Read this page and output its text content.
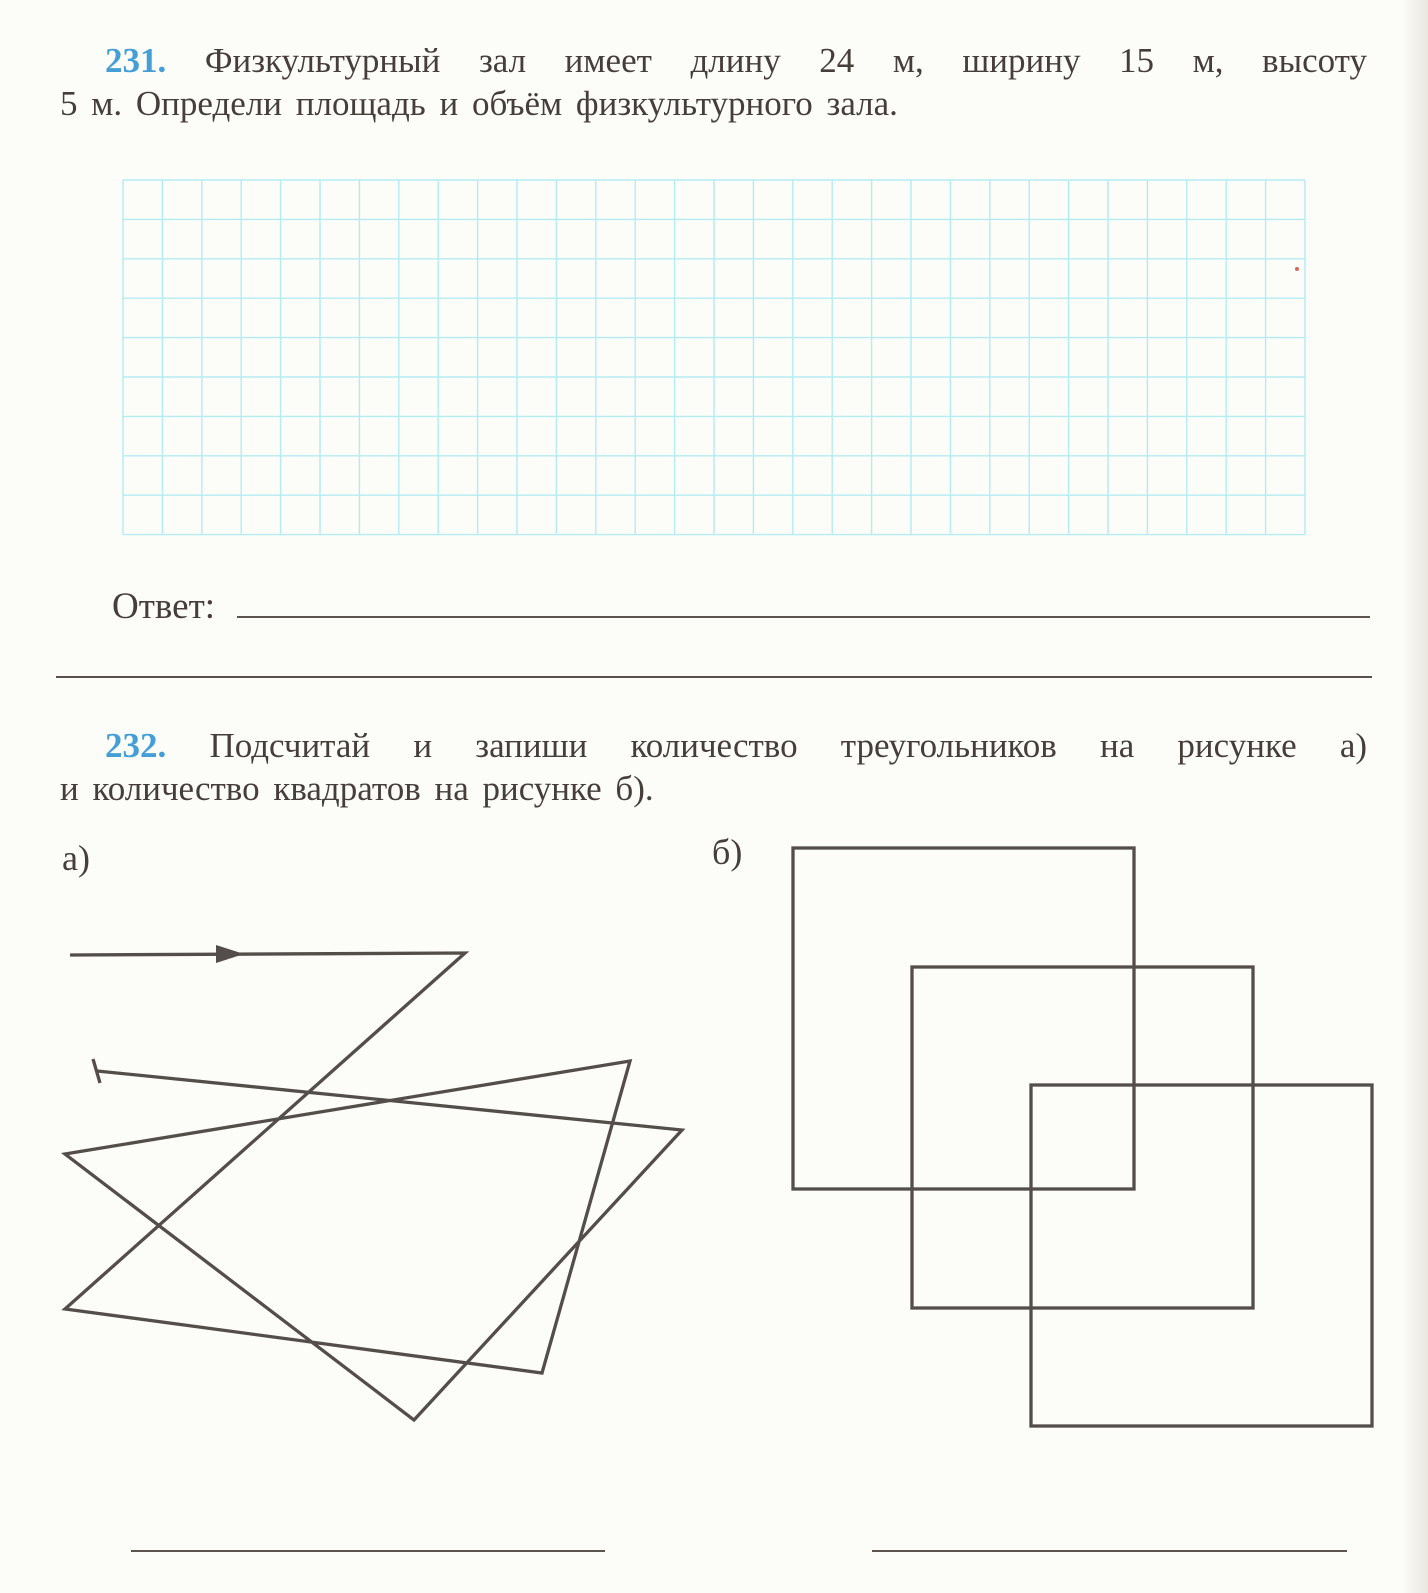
231. Физкультурный зал имеет длину 24 м, ширину 15 м, высоту
5 м. Определи площадь и объём физкультурного зала.
Ответ:
232. Подсчитай и запиши количество треугольников на рисунке а)
и количество квадратов на рисунке б).
а)	б)
